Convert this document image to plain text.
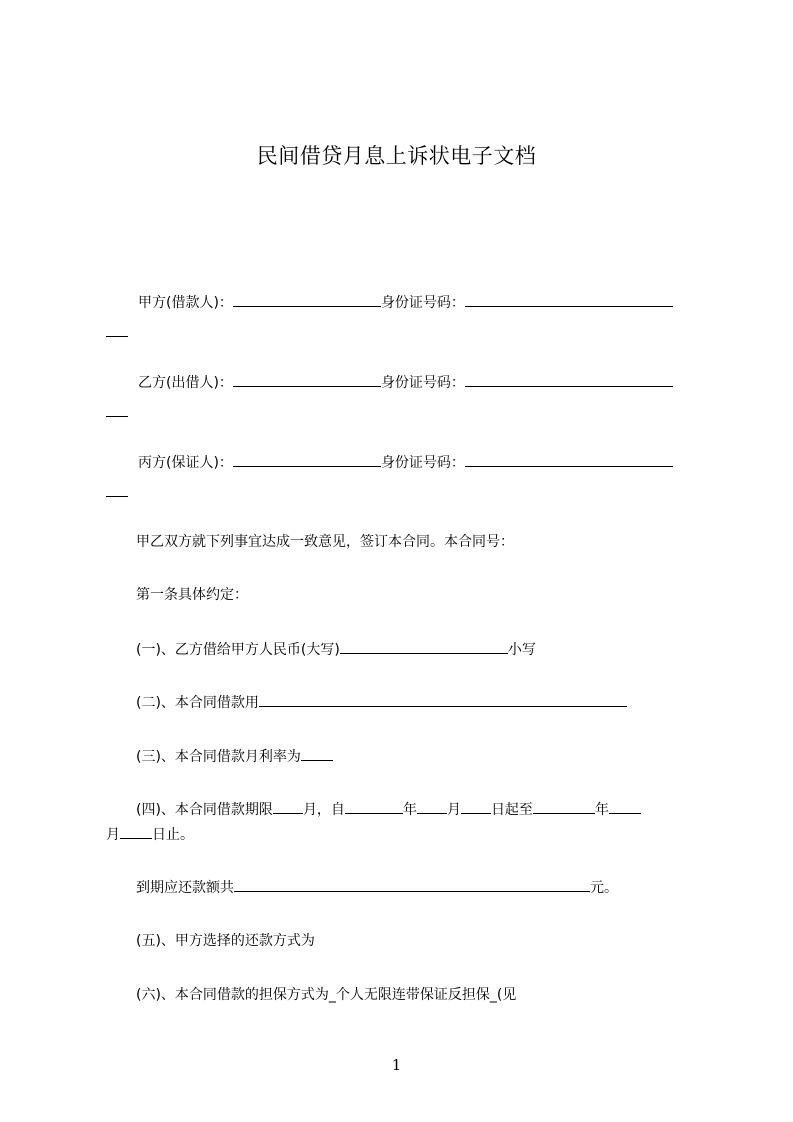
民间借贷月息上诉状电子文档
甲方(借款人)：	身份证号码：
乙方(出借人)：	身份证号码：
丙方(保证人)：	身份证号码：
甲乙双方就下列事宜达成一致意见，签订本合同。本合同号：
第一条具体约定：
(一)、乙方借给甲方人民币(大写)	小写
(二)、本合同借款用
(三)、本合同借款月利率为
(四)、本合同借款期限 月，自	年 月 日起至	年
月 日止。
到期应还款额共	元。
(五)、甲方选择的还款方式为
(六)、本合同借款的担保方式为_个人无限连带保证反担保_(见
1
